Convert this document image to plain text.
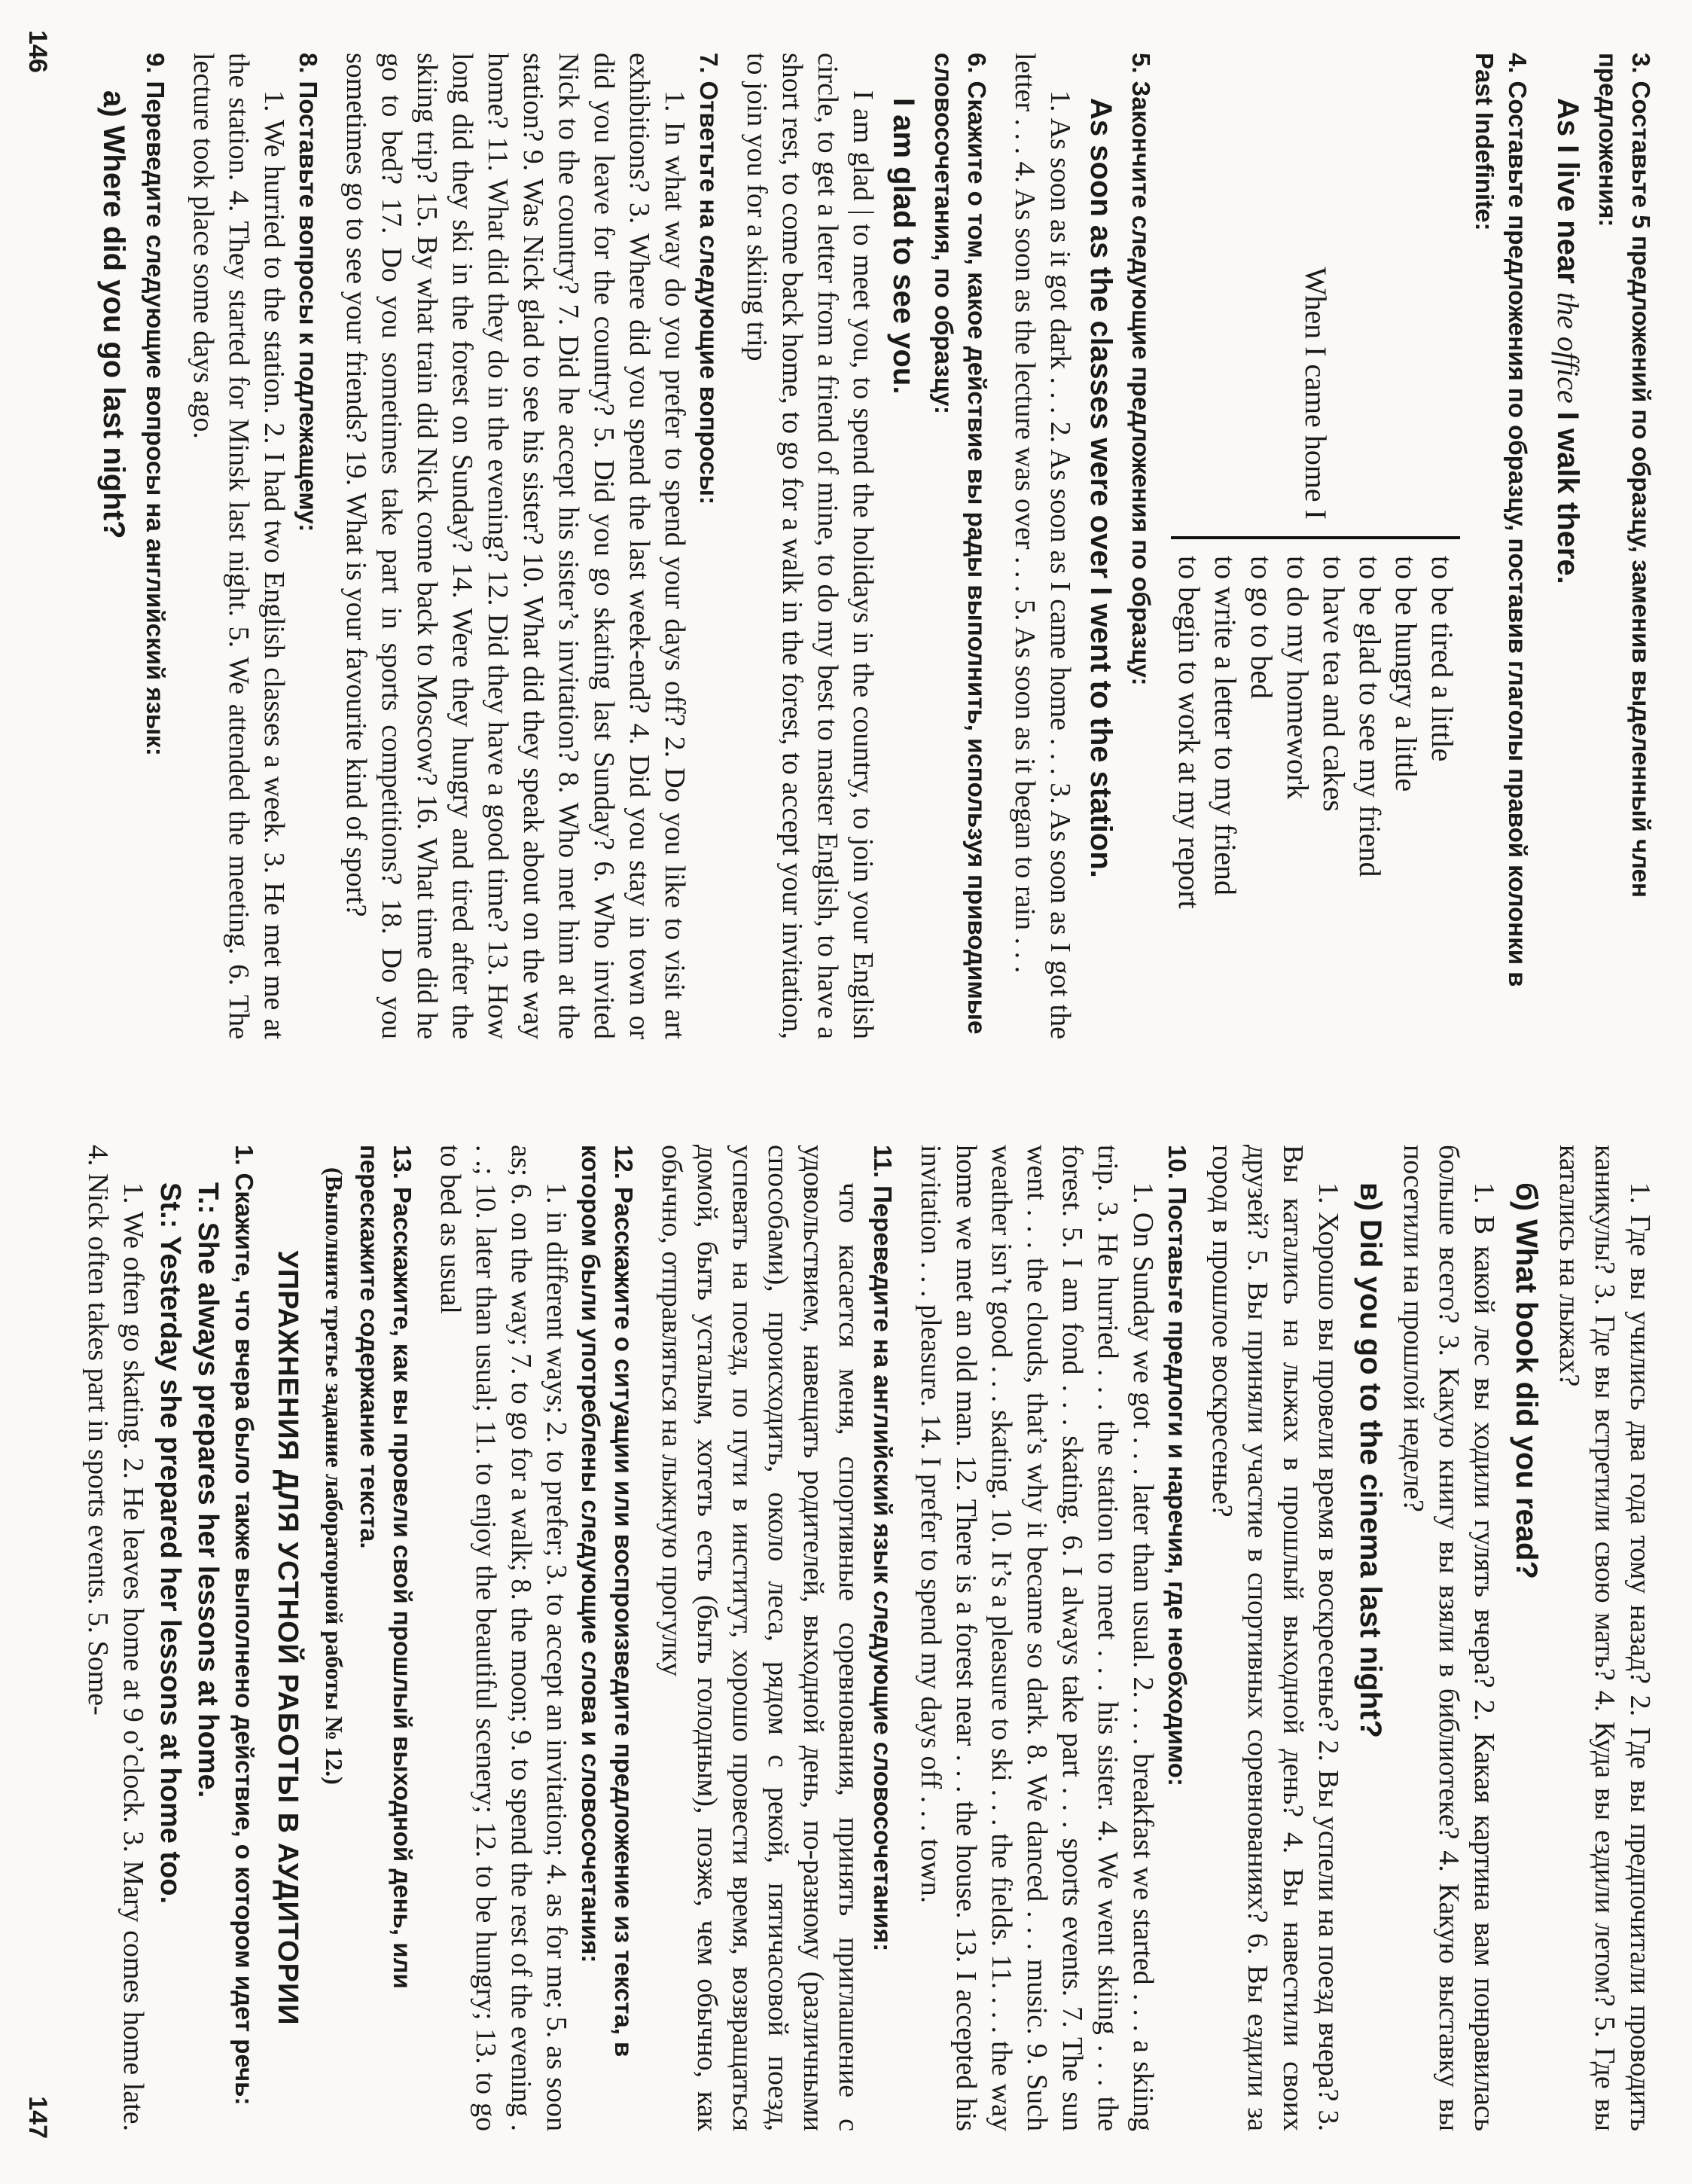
3.Составьте 5 предложений по образцу, заменив выделенный член предложения:
As I live near the office I walk there.
4.Составьте предложения по образцу, поставив глаголы правой колонки в Past Indefinite:
When I came home I
to be tired a little
to be hungry a little
to be glad to see my friend
to have tea and cakes
to do my homework
to go to bed
to write a letter to my friend
to begin to work at my report
5.Закончите следующие предложения по образцу:
As soon as the classes were over I went to the station.

1. As soon as it got dark . . . 2. As soon as I came home . . . 3. As soon as I got the letter . . . 4. As soon as the lecture was over . . . 5. As soon as it began to rain . . .

6.Скажите о том, какое действие вы рады выполнить, используя приводимые словосочетания, по образцу:
I am glad to see you.

I am glad | to meet you, to spend the holidays in the country, to join your English circle, to get a letter from a friend of mine, to do my best to master English, to have a short rest, to come back home, to go for a walk in the forest, to accept your invitation, to join you for a skiing trip

7.Ответьте на следующие вопросы:

1. In what way do you prefer to spend your days off? 2. Do you like to visit art exhibitions? 3. Where did you spend the last week-end? 4. Did you stay in town or did you leave for the country? 5. Did you go skating last Sunday? 6. Who invited Nick to the country? 7. Did he accept his sister’s invitation? 8. Who met him at the station? 9. Was Nick glad to see his sister? 10. What did they speak about on the way home? 11. What did they do in the evening? 12. Did they have a good time? 13. How long did they ski in the forest on Sunday? 14. Were they hungry and tired after the skiing trip? 15. By what train did Nick come back to Moscow? 16. What time did he go to bed? 17. Do you sometimes take part in sports competitions? 18. Do you sometimes go to see your friends? 19. What is your favourite kind of sport?

8.Поставьте вопросы к подлежащему:

1. We hurried to the station. 2. I had two English classes a week. 3. He met me at the station. 4. They started for Minsk last night. 5. We attended the meeting. 6. The lecture took place some days ago.

9.Переведите следующие вопросы на английский язык:
а) Where did you go last night?
146

1. Где вы учились два года тому назад? 2. Где вы предпочитали проводить каникулы? 3. Где вы встретили свою мать? 4. Куда вы ездили летом? 5. Где вы катались на лыжах?

б) What book did you read?

1. В какой лес вы ходили гулять вчера? 2. Какая картина вам понравилась больше всего? 3. Какую книгу вы взяли в библиотеке? 4. Какую выставку вы посетили на прошлой неделе?

в) Did you go to the cinema last night?

1. Хорошо вы провели время в воскресенье? 2. Вы успели на поезд вчера? 3. Вы катались на лыжах в прошлый выходной день? 4. Вы навестили своих друзей? 5. Вы приняли участие в спортивных соревнованиях? 6. Вы ездили за город в прошлое воскресенье?

10.Поставьте предлоги и наречия, где необходимо:

1. On Sunday we got . . . later than usual. 2. . . . breakfast we started . . . a skiing trip. 3. He hurried . . . the station to meet . . . his sister. 4. We went skiing . . . the forest. 5. I am fond . . . skating. 6. I always take part . . . sports events. 7. The sun went . . . the clouds, that’s why it became so dark. 8. We danced . . . music. 9. Such weather isn’t good . . . skating. 10. It’s a pleasure to ski . . . the fields. 11. . . . the way home we met an old man. 12. There is a forest near . . . the house. 13. I accepted his invitation . . . pleasure. 14. I prefer to spend my days off . . . town.

11.Переведите на английский язык следующие словосочетания:

что касается меня, спортивные соревнования, принять приглашение с удовольствием, навещать родителей, выходной день, по-разному (различными способами), происходить, около леса, рядом с рекой, пятичасовой поезд, успевать на поезд, по пути в институт, хорошо провести время, возвращаться домой, быть усталым, хотеть есть (быть голодным), позже, чем обычно, как обычно, отправляться на лыжную прогулку

12.Расскажите о ситуации или воспроизведите предложение из текста, в котором были употреблены следующие слова и словосочетания:

1. in different ways; 2. to prefer; 3. to accept an invitation; 4. as for me; 5. as soon as; 6. on the way; 7. to go for a walk; 8. the moon; 9. to spend the rest of the evening . . .; 10. later than usual; 11. to enjoy the beautiful scenery; 12. to be hungry; 13. to go to bed as usual

13.Расскажите, как вы провели свой прошлый выходной день, или перескажите содержание текста.
(Выполните третье задание лабораторной работы № 12.)
УПРАЖНЕНИЯ ДЛЯ УСТНОЙ РАБОТЫ В АУДИТОРИИ
1.Скажите, что вчера было также выполнено действие, о котором идет речь:
Т.: She always prepares her lessons at home.
St.: Yesterday she prepared her lessons at home too.

1. We often go skating. 2. He leaves home at 9 o’clock. 3. Mary comes home late. 4. Nick often takes part in sports events. 5. Some-

147
